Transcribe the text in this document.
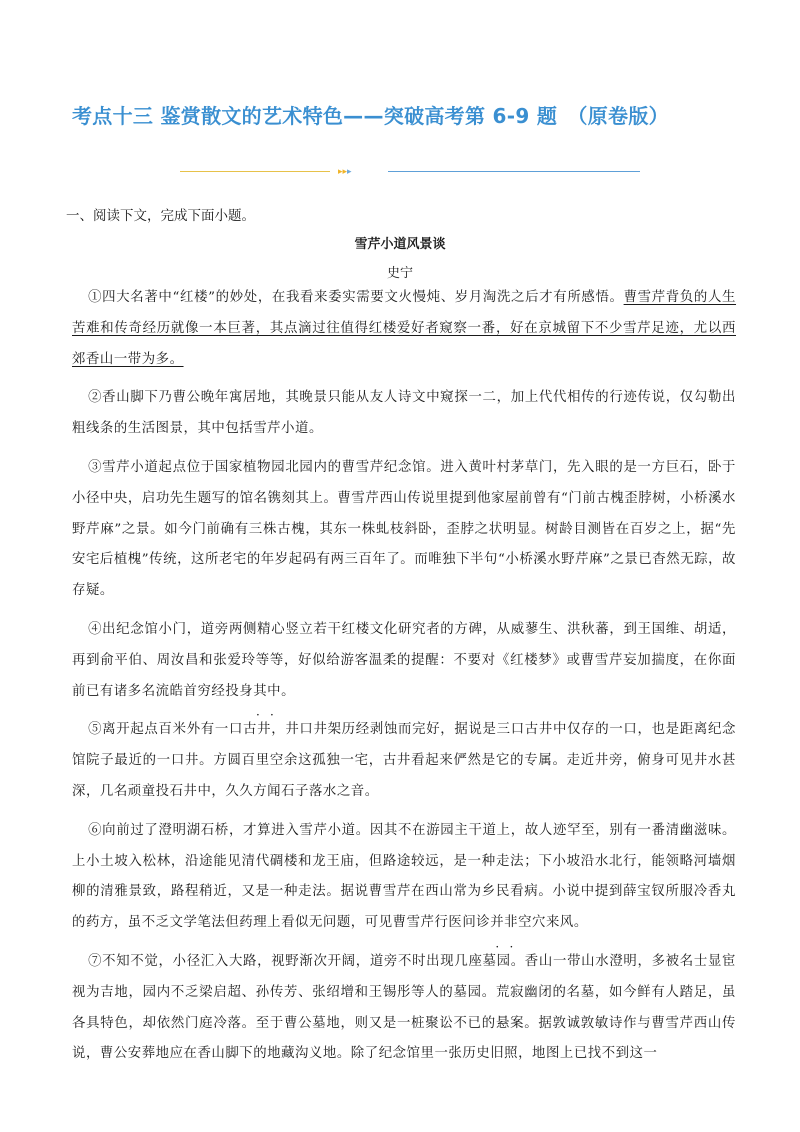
考点十三 鉴赏散文的艺术特色——突破高考第 6-9 题　（原卷版）
▸▸▸
一、阅读下文，完成下面小题。
雪芹小道风景谈
史宁

①四大名著中“红楼”的妙处，在我看来委实需要文火慢炖、岁月淘洗之后才有所感悟。曹雪芹背负的人生苦难和传奇经历就像一本巨著，其点滴过往值得红楼爱好者窥察一番，好在京城留下不少雪芹足迹，尤以西郊香山一带为多。

②香山脚下乃曹公晚年寓居地，其晚景只能从友人诗文中窥探一二，加上代代相传的行迹传说，仅勾勒出粗线条的生活图景，其中包括雪芹小道。

③雪芹小道起点位于国家植物园北园内的曹雪芹纪念馆。进入黄叶村茅草门，先入眼的是一方巨石，卧于小径中央，启功先生题写的馆名镌刻其上。曹雪芹西山传说里提到他家屋前曾有“门前古槐歪脖树，小桥溪水野芹麻”之景。如今门前确有三株古槐，其东一株虬枝斜卧，歪脖之状明显。树龄目测皆在百岁之上，据“先安宅后植槐”传统，这所老宅的年岁起码有两三百年了。而唯独下半句“小桥溪水野芹麻”之景已杳然无踪，故存疑。

④出纪念馆小门，道旁两侧精心竖立若干红楼文化研究者的方碑，从威蓼生、洪秋蕃，到王国维、胡适，再到俞平伯、周汝昌和张爱玲等等，好似给游客温柔的提醒：不要对《红楼梦》或曹雪芹妄加揣度，在你面前已有诸多名流皓首穷经投身其中。

⑤离开起点百米外有一口古井，井口井架历经剥蚀而完好，据说是三口古井中仅存的一口，也是距离纪念馆院子最近的一口井。方圆百里空余这孤独一宅，古井看起来俨然是它的专属。走近井旁，俯身可见井水甚深，几名顽童投石井中，久久方闻石子落水之音。

⑥向前过了澄明湖石桥，才算进入雪芹小道。因其不在游园主干道上，故人迹罕至，别有一番清幽滋味。上小土坡入松林，沿途能见清代碉楼和龙王庙，但路途较远，是一种走法；下小坡沿水北行，能领略河墙烟柳的清雅景致，路程稍近，又是一种走法。据说曹雪芹在西山常为乡民看病。小说中提到薛宝钗所服冷香丸的药方，虽不乏文学笔法但药理上看似无问题，可见曹雪芹行医问诊并非空穴来风。

⑦不知不觉，小径汇入大路，视野渐次开阔，道旁不时出现几座墓园。香山一带山水澄明，多被名士显宦视为吉地，园内不乏梁启超、孙传芳、张绍增和王锡彤等人的墓园。荒寂幽闭的名墓，如今鲜有人踏足，虽各具特色，却依然门庭冷落。至于曹公墓地，则又是一桩聚讼不已的悬案。据敦诚敦敏诗作与曹雪芹西山传说，曹公安葬地应在香山脚下的地藏沟义地。除了纪念馆里一张历史旧照，地图上已找不到这一
